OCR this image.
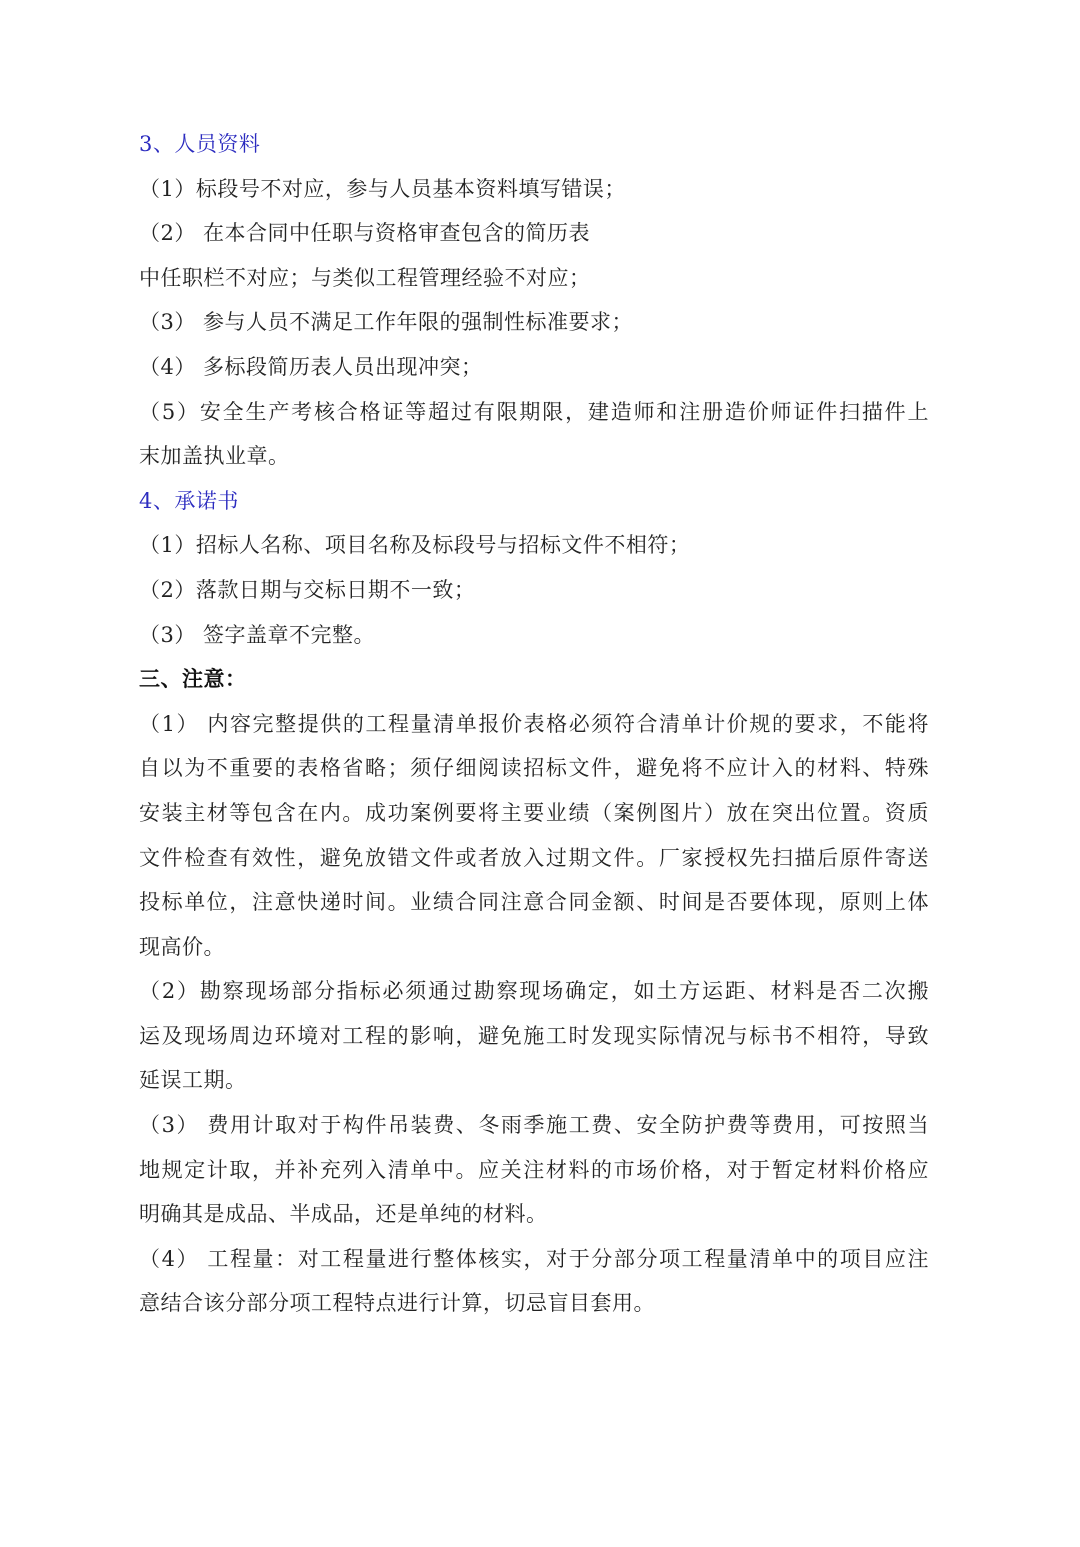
3、人员资料
（1）标段号不对应，参与人员基本资料填写错误；
（2） 在本合同中任职与资格审查包含的简历表
中任职栏不对应；与类似工程管理经验不对应；
（3） 参与人员不满足工作年限的强制性标准要求；
（4） 多标段简历表人员出现冲突；
（5）安全生产考核合格证等超过有限期限，建造师和注册造价师证件扫描件上
末加盖执业章。
4、承诺书
（1）招标人名称、项目名称及标段号与招标文件不相符；
（2）落款日期与交标日期不一致；
（3） 签字盖章不完整。
三、注意：
（1） 内容完整提供的工程量清单报价表格必须符合清单计价规的要求，不能将
自以为不重要的表格省略；须仔细阅读招标文件，避免将不应计入的材料、特殊
安装主材等包含在内。成功案例要将主要业绩（案例图片）放在突出位置。资质
文件检查有效性，避免放错文件或者放入过期文件。厂家授权先扫描后原件寄送
投标单位，注意快递时间。业绩合同注意合同金额、时间是否要体现，原则上体
现高价。
（2）勘察现场部分指标必须通过勘察现场确定，如土方运距、材料是否二次搬
运及现场周边环境对工程的影响，避免施工时发现实际情况与标书不相符，导致
延误工期。
（3） 费用计取对于构件吊装费、冬雨季施工费、安全防护费等费用，可按照当
地规定计取，并补充列入清单中。应关注材料的市场价格，对于暂定材料价格应
明确其是成品、半成品，还是单纯的材料。
（4） 工程量：对工程量进行整体核实，对于分部分项工程量清单中的项目应注
意结合该分部分项工程特点进行计算，切忌盲目套用。
